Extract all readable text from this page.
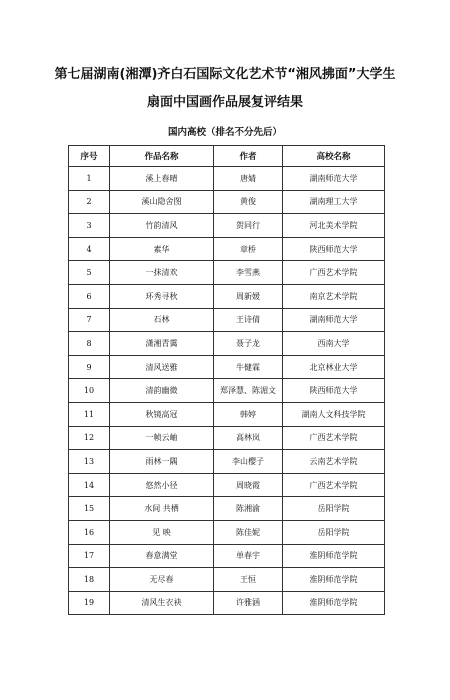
第七届湖南(湘潭)齐白石国际文化艺术节“湘风拂面”大学生
扇面中国画作品展复评结果
国内高校（排名不分先后）
序号	作品名称	作者	高校名称
1	溪上春晴	唐婧	湖南师范大学
2	溪山隐舍图	黄俊	湖南理工大学
3	竹韵清风	贺同行	河北美术学院
4	素华	章桥	陕西师范大学
5	一抹清欢	李雪燕	广西艺术学院
6	环秀寻秋	周新媛	南京艺术学院
7	石林	王诗倩	湖南师范大学
8	潇湘青霭	聂子龙	西南大学
9	清风送雅	牛健霖	北京林业大学
10	清韵幽微	郑泽慧、陈湄文	陕西师范大学
11	秋镜高冠	韩婷	湖南人文科技学院
12	一帧云岫	高林岚	广西艺术学院
13	雨林一隅	李山樱子	云南艺术学院
14	悠然小径	周晓霞	广西艺术学院
15	水间 共栖	陈湘渝	岳阳学院
16	见 映	陈佳妮	岳阳学院
17	春意满堂	单春宇	淮阴师范学院
18	无尽春	王恒	淮阴师范学院
19	清风生衣袂	许雅涵	淮阴师范学院
